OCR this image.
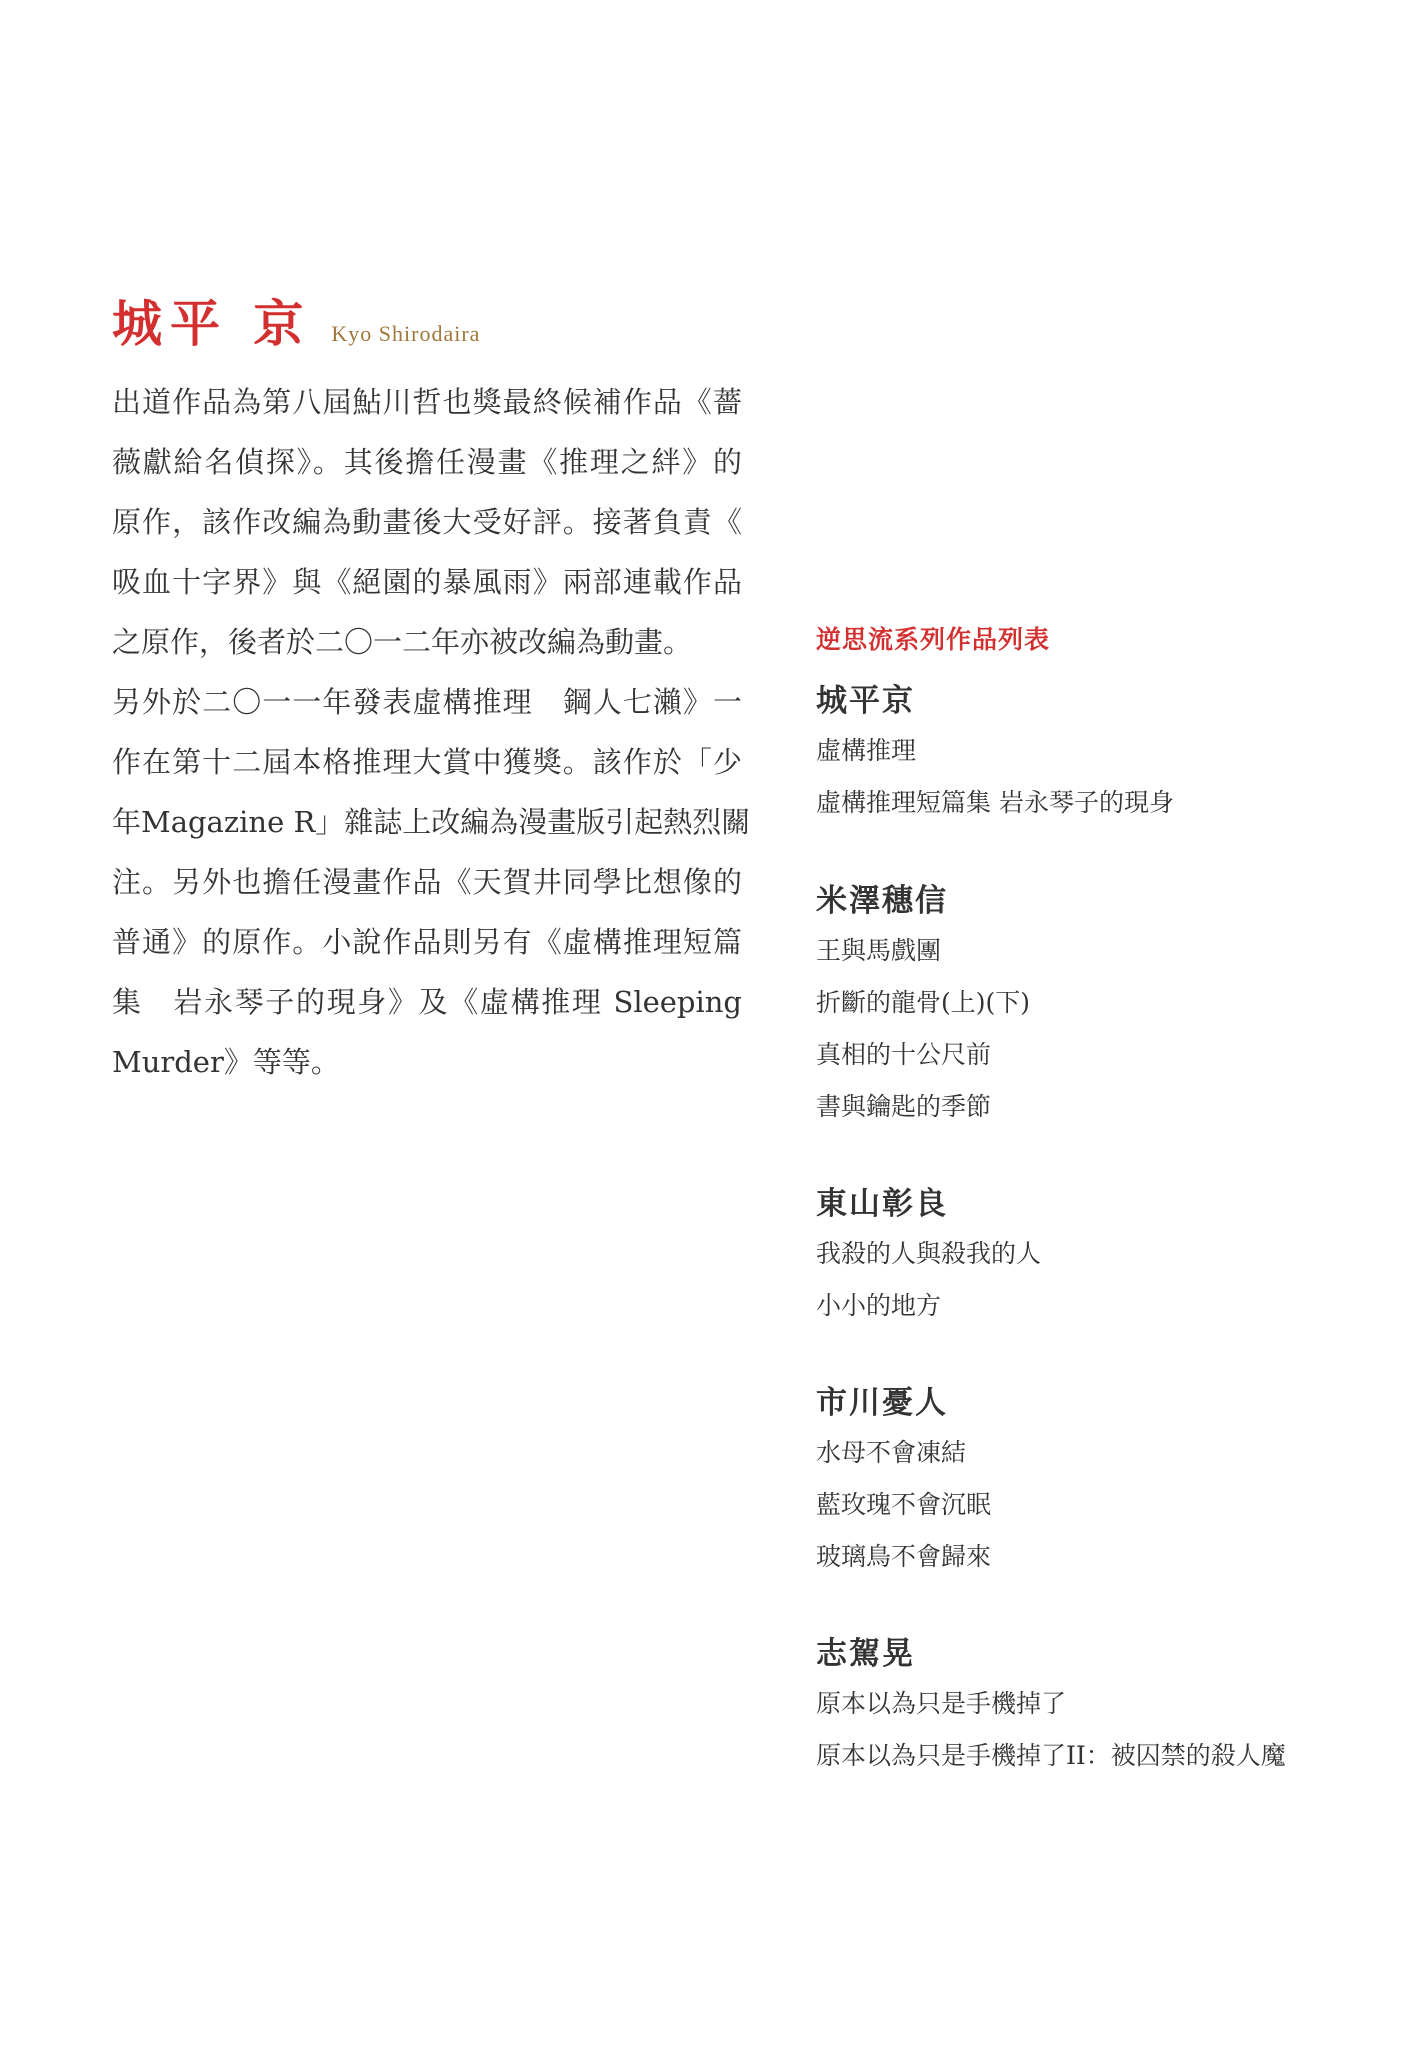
城平 京 Kyo Shirodaira
出道作品為第八屆鮎川哲也獎最終候補作品《薔
薇獻給名偵探》。其後擔任漫畫《推理之絆》的
原作，該作改編為動畫後大受好評。接著負責《
吸血十字界》與《絕園的暴風雨》兩部連載作品
之原作，後者於二〇一二年亦被改編為動畫。
另外於二〇一一年發表虛構推理　鋼人七瀨》一
作在第十二屆本格推理大賞中獲獎。該作於「少
年Magazine R」雜誌上改編為漫畫版引起熱烈關
注。另外也擔任漫畫作品《天賀井同學比想像的
普通》的原作。小說作品則另有《虛構推理短篇
集　岩永琴子的現身》及《虛構推理 Sleeping
Murder》等等。
逆思流系列作品列表
城平京
虛構推理
虛構推理短篇集 岩永琴子的現身
米澤穗信
王與馬戲團
折斷的龍骨(上)(下)
真相的十公尺前
書與鑰匙的季節
東山彰良
我殺的人與殺我的人
小小的地方
市川憂人
水母不會凍結
藍玫瑰不會沉眠
玻璃鳥不會歸來
志駕晃
原本以為只是手機掉了
原本以為只是手機掉了II：被囚禁的殺人魔
